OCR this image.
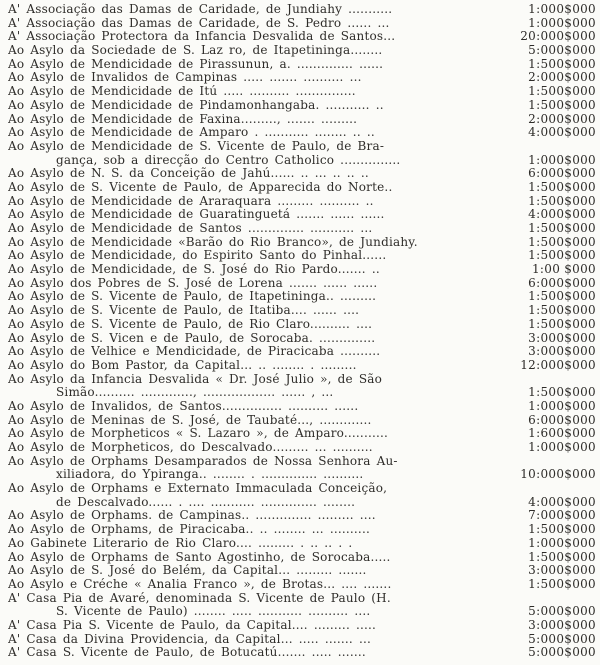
A' Associação das Damas de Caridade, de Jundiahy ...........	1:000$000
A' Associação das Damas de Caridade, de S. Pedro ...... ...	1:000$000
A' Associação Protectora da Infancia Desvalida de Santos...	20:000$000
Ao Asylo da Sociedade de S. Laz ro, de Itapetininga........	5:000$000
Ao Asylo de Mendicidade de Pirassunun, a. .............. ......	1:500$000
Ao Asylo de Invalidos de Campinas ..... ....... .......... ...	2:000$000
Ao Asylo de Mendicidade de Itú ..... .......... ...............	1:500$000
Ao Asylo de Mendicidade de Pindamonhangaba. ........... ..	1:500$000
Ao Asylo de Mendicidade de Faxina........., ....... .........	2:000$000
Ao Asylo de Mendicidade de Amparo . ........... ........ .. ..	4:000$000
Ao Asylo de Mendicidade de S. Vicente de Paulo, de Bra-
gança, sob a direcção do Centro Catholico ...............	1:000$000
Ao Asylo de N. S. da Conceição de Jahú...... .. ... .. .. ..	6:000$000
Ao Asylo de S. Vicente de Paulo, de Apparecida do Norte..	1:500$000
Ao Asylo de Mendicidade de Araraquara ......... .......... ..	1:500$000
Ao Asylo de Mendicidade de Guaratinguetá ....... ...... ......	4:000$000
Ao Asylo de Mendicidade de Santos .............. ........... ...	1:500$000
Ao Asylo de Mendicidade «Barão do Rio Branco», de Jundiahy.	1:500$000
Ao Asylo de Mendicidade, do Espirito Santo do Pinhal......	1:500$000
Ao Asylo de Mendicidade, de S. José do Rio Pardo....... ..	1:00 $000
Ao Asylo dos Pobres de S. José de Lorena ....... ...... ......	6:000$000
Ao Asylo de S. Vicente de Paulo, de Itapetininga.. .........	1:500$000
Ao Asylo de S. Vicente de Paulo, de Itatiba.... ...... ....	1:500$000
Ao Asylo de S. Vicente de Paulo, de Rio Claro.......... ....	1:500$000
Ao Asylo de S. Vicen e de Paulo, de Sorocaba. ..............	3:000$000
Ao Asylo de Velhice e Mendicidade, de Piracicaba ..........	3:000$000
Ao Asylo do Bom Pastor, da Capital... .. ........ . .........	12:000$000
Ao Asylo da Infancia Desvalida « Dr. José Julio », de São
Simão.......... ............., .................. ...... , ...	1:500$000
Ao Asylo de Invalidos, de Santos............... .......... ......	1:000$000
Ao Asylo de Meninas de S. José, de Taubaté..., .............	6:000$000
Ao Asylo de Morpheticos « S. Lazaro », de Amparo...........	1:600$000
Ao Asylo de Morpheticos, do Descalvado......... ... ..........	1:000$000
Ao Asylo de Orphams Desamparados de Nossa Senhora Au-
xiliadora, do Ypiranga.. ........ . .............. ..........	10:000$000
Ao Asylo de Orphams e Externato Immaculada Conceição,
de Descalvado...... . .... ........... .............. ........	4:000$000
Ao Asylo de Orphams. de Campinas.. .............. ......... ....	7:000$000
Ao Asylo de Orphams, de Piracicaba.. .. ........ ... ..........	1:500$000
Ao Gabinete Literario de Rio Claro.... ......... . .. .. . .	1:000$000
Ao Asylo de Orphams de Santo Agostinho, de Sorocaba.....	1:500$000
Ao Asylo de S. José do Belém, da Capital... ......... .......	3:000$000
Ao Asylo e Créche « Analia Franco », de Brotas... .... .......	1:500$000
A' Casa Pia de Avaré, denominada S. Vicente de Paulo (H.
S. Vicente de Paulo) ........ ..... ........... .......... ....	5:000$000
A' Casa Pia S. Vicente de Paulo, da Capital.... ......... .....	3:000$000
A' Casa da Divina Providencia, da Capital... ..... ....... ...	5:000$000
A' Casa S. Vicente de Paulo, de Botucatú....... ..... .......	5:000$000
